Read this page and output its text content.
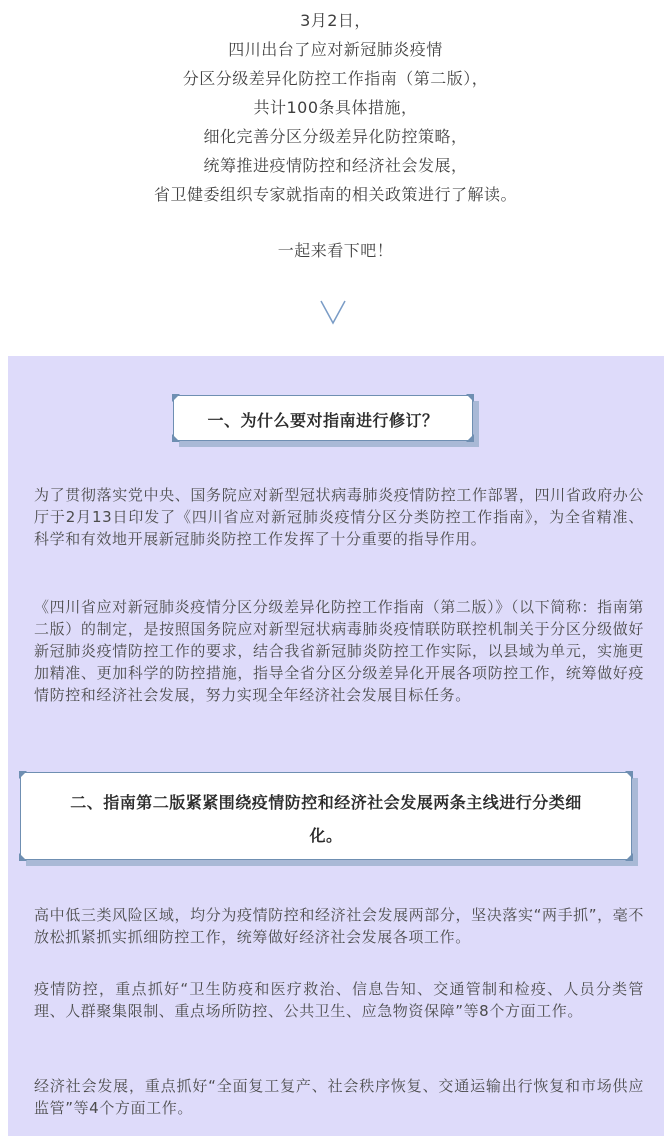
3月2日，
四川出台了应对新冠肺炎疫情
分区分级差异化防控工作指南（第二版），
共计100条具体措施，
细化完善分区分级差异化防控策略，
统筹推进疫情防控和经济社会发展，
省卫健委组织专家就指南的相关政策进行了解读。
一起来看下吧！
一、为什么要对指南进行修订？

为了贯彻落实党中央、国务院应对新型冠状病毒肺炎疫情防控工作部署，四川省政府办公厅于2月13日印发了《四川省应对新冠肺炎疫情分区分类防控工作指南》，为全省精准、科学和有效地开展新冠肺炎防控工作发挥了十分重要的指导作用。

《四川省应对新冠肺炎疫情分区分级差异化防控工作指南（第二版）》（以下简称：指南第二版）的制定，是按照国务院应对新型冠状病毒肺炎疫情联防联控机制关于分区分级做好新冠肺炎疫情防控工作的要求，结合我省新冠肺炎防控工作实际，以县域为单元，实施更加精准、更加科学的防控措施，指导全省分区分级差异化开展各项防控工作，统筹做好疫情防控和经济社会发展，努力实现全年经济社会发展目标任务。

二、指南第二版紧紧围绕疫情防控和经济社会发展两条主线进行分类细
化。

高中低三类风险区域，均分为疫情防控和经济社会发展两部分，坚决落实“两手抓”，毫不放松抓紧抓实抓细防控工作，统筹做好经济社会发展各项工作。

疫情防控，重点抓好“卫生防疫和医疗救治、信息告知、交通管制和检疫、人员分类管理、人群聚集限制、重点场所防控、公共卫生、应急物资保障”等8个方面工作。

经济社会发展，重点抓好“全面复工复产、社会秩序恢复、交通运输出行恢复和市场供应监管”等4个方面工作。
